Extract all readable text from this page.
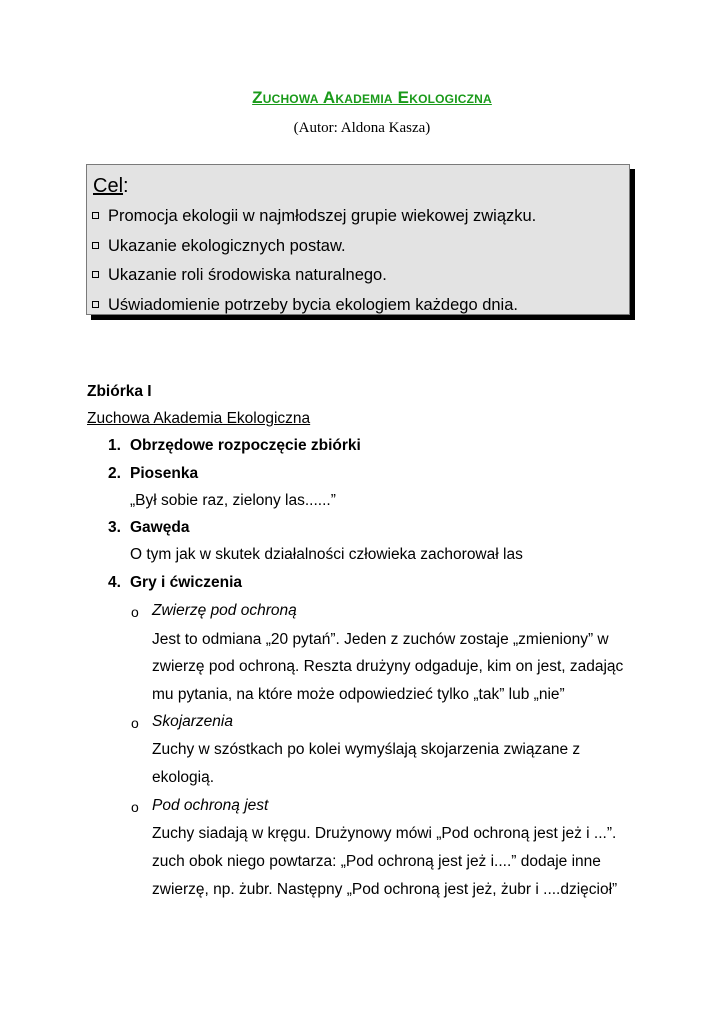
Zuchowa Akademia Ekologiczna
(Autor: Aldona Kasza)
Cel:
Promocja ekologii w najmłodszej grupie wiekowej związku.
Ukazanie ekologicznych postaw.
Ukazanie roli środowiska naturalnego.
Uświadomienie potrzeby bycia ekologiem każdego dnia.
Zbiórka I
Zuchowa Akademia Ekologiczna
1. Obrzędowe rozpoczęcie zbiórki
2. Piosenka
„Był sobie raz, zielony las......”
3. Gawęda
O tym jak w skutek działalności człowieka zachorował las
4. Gry i ćwiczenia
o Zwierzę pod ochroną
Jest to odmiana „20 pytań”. Jeden z zuchów zostaje „zmieniony” w
zwierzę pod ochroną. Reszta drużyny odgaduje, kim on jest, zadając
mu pytania, na które może odpowiedzieć tylko „tak” lub „nie”
o Skojarzenia
Zuchy w szóstkach po kolei wymyślają skojarzenia związane z
ekologią.
o Pod ochroną jest
Zuchy siadają w kręgu. Drużynowy mówi „Pod ochroną jest jeż i ...”.
zuch obok niego powtarza: „Pod ochroną jest jeż i....” dodaje inne
zwierzę, np. żubr. Następny „Pod ochroną jest jeż, żubr i ....dzięcioł”
